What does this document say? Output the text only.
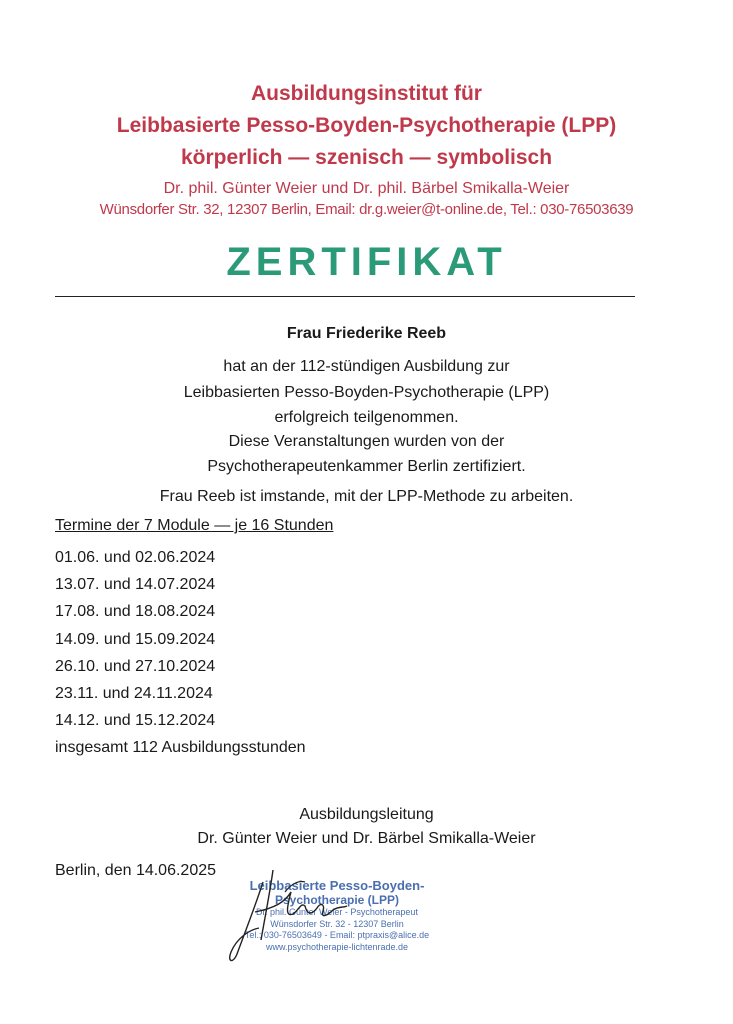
Ausbildungsinstitut für
Leibbasierte Pesso-Boyden-Psychotherapie (LPP)
körperlich — szenisch — symbolisch
Dr. phil. Günter Weier und Dr. phil. Bärbel Smikalla-Weier
Wünsdorfer Str. 32, 12307 Berlin, Email: dr.g.weier@t-online.de, Tel.: 030-76503639
ZERTIFIKAT
Frau Friederike Reeb
hat an der 112-stündigen Ausbildung zur
Leibbasierten Pesso-Boyden-Psychotherapie (LPP)
erfolgreich teilgenommen.
Diese Veranstaltungen wurden von der
Psychotherapeutenkammer Berlin zertifiziert.
Frau Reeb ist imstande, mit der LPP-Methode zu arbeiten.
Termine der 7 Module — je 16 Stunden
01.06. und 02.06.2024
13.07. und 14.07.2024
17.08. und 18.08.2024
14.09. und 15.09.2024
26.10. und 27.10.2024
23.11. und 24.11.2024
14.12. und 15.12.2024
insgesamt 112 Ausbildungsstunden
Ausbildungsleitung
Dr. Günter Weier und Dr. Bärbel Smikalla-Weier
Berlin, den 14.06.2025
Leibbasierte Pesso-Boyden-
Psychotherapie (LPP)
Dr. phil. Günter Weier - Psychotherapeut
Wünsdorfer Str. 32 - 12307 Berlin
Tel.: 030-76503649 - Email: ptpraxis@alice.de
www.psychotherapie-lichtenrade.de
